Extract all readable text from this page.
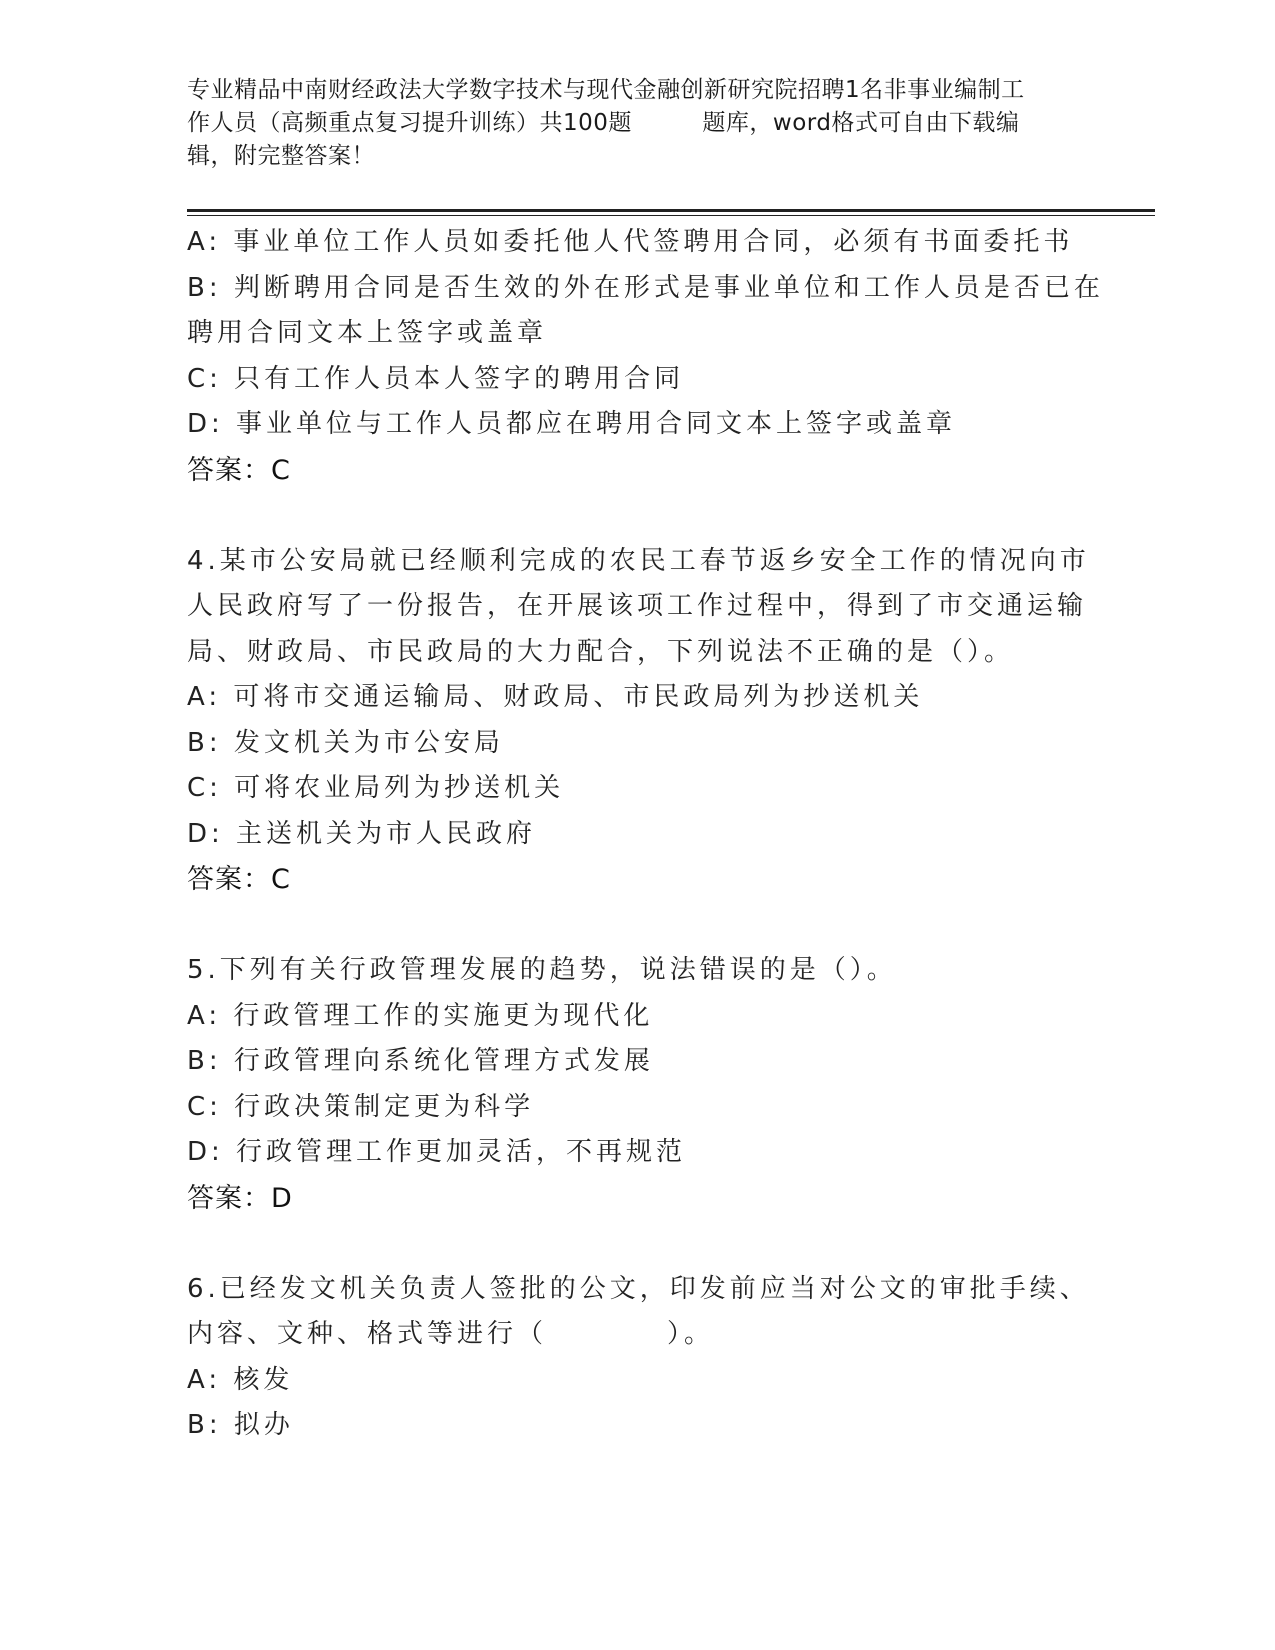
专业精品中南财经政法大学数字技术与现代金融创新研究院招聘1名非事业编制工
作人员（高频重点复习提升训练）共100题　　　题库，word格式可自由下载编
辑，附完整答案！
A: 事业单位工作人员如委托他人代签聘用合同，必须有书面委托书
B: 判断聘用合同是否生效的外在形式是事业单位和工作人员是否已在
聘用合同文本上签字或盖章
C: 只有工作人员本人签字的聘用合同
D: 事业单位与工作人员都应在聘用合同文本上签字或盖章
答案：C
4.某市公安局就已经顺利完成的农民工春节返乡安全工作的情况向市
人民政府写了一份报告，在开展该项工作过程中，得到了市交通运输
局、财政局、市民政局的大力配合，下列说法不正确的是（）。
A: 可将市交通运输局、财政局、市民政局列为抄送机关
B: 发文机关为市公安局
C: 可将农业局列为抄送机关
D: 主送机关为市人民政府
答案：C
5.下列有关行政管理发展的趋势，说法错误的是（）。
A: 行政管理工作的实施更为现代化
B: 行政管理向系统化管理方式发展
C: 行政决策制定更为科学
D: 行政管理工作更加灵活，不再规范
答案：D
6.已经发文机关负责人签批的公文，印发前应当对公文的审批手续、
内容、文种、格式等进行（　　　　）。
A: 核发
B: 拟办
